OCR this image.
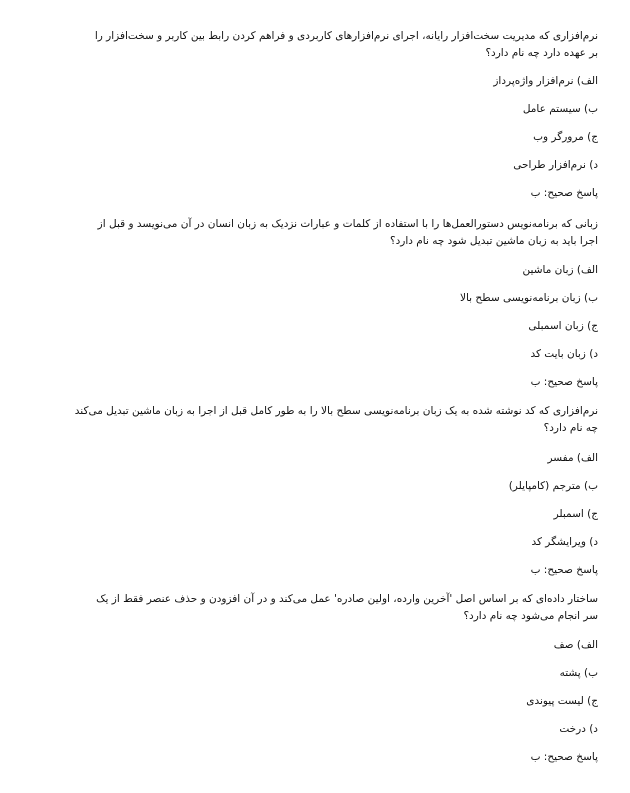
نرم‌افزاری که مدیریت سخت‌افزار رایانه، اجرای نرم‌افزارهای کاربردی و فراهم کردن رابط بین کاربر و سخت‌افزار را
بر عهده دارد چه نام دارد؟
الف) نرم‌افزار واژه‌پرداز
ب) سیستم عامل
ج) مرورگر وب
د) نرم‌افزار طراحی
پاسخ صحیح: ب
زبانی که برنامه‌نویس دستورالعمل‌ها را با استفاده از کلمات و عبارات نزدیک به زبان انسان در آن می‌نویسد و قبل از
اجرا باید به زبان ماشین تبدیل شود چه نام دارد؟
الف) زبان ماشین
ب) زبان برنامه‌نویسی سطح بالا
ج) زبان اسمبلی
د) زبان بایت کد
پاسخ صحیح: ب
نرم‌افزاری که کد نوشته شده به یک زبان برنامه‌نویسی سطح بالا را به طور کامل قبل از اجرا به زبان ماشین تبدیل می‌کند
چه نام دارد؟
الف) مفسر
ب) مترجم (کامپایلر)
ج) اسمبلر
د) ویرایشگر کد
پاسخ صحیح: ب
ساختار داده‌ای که بر اساس اصل 'آخرین وارده، اولین صادره' عمل می‌کند و در آن افزودن و حذف عنصر فقط از یک
سر انجام می‌شود چه نام دارد؟
الف) صف
ب) پشته
ج) لیست پیوندی
د) درخت
پاسخ صحیح: ب
